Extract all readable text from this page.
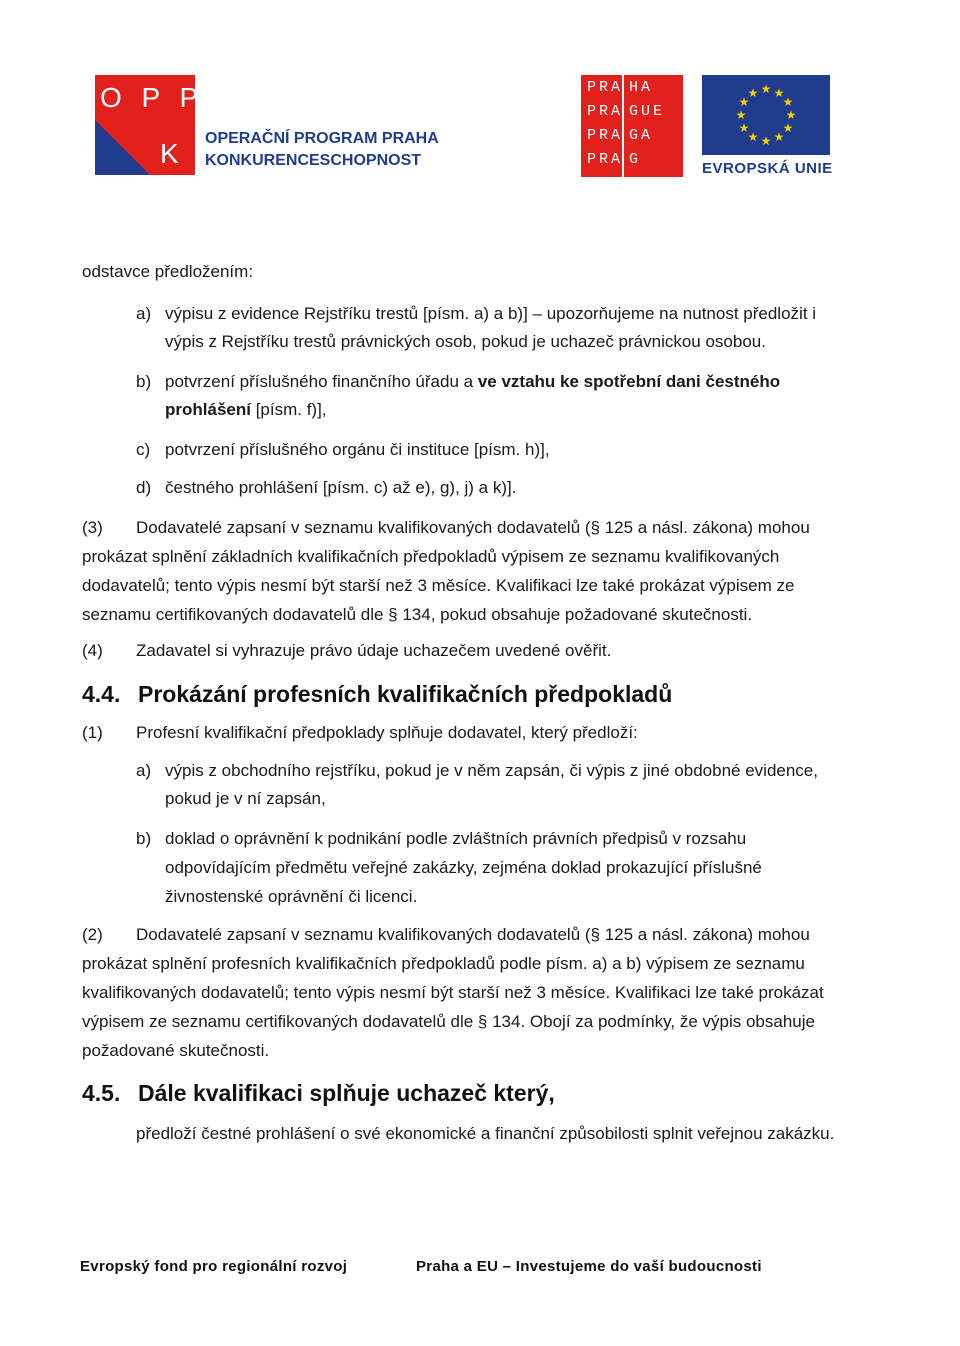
O P P
K OPERAČNÍ PROGRAM PRAHA
KONKURENCESCHOPNOST
PRA HA
PRA GUE
PRA GA
PRA G
★ ★
★
★
★
★
★
★
★
★
★
★
EVROPSKÁ UNIE
odstavce předložením:
a) výpisu z evidence Rejstříku trestů [písm. a) a b)] – upozorňujeme na nutnost předložit i
výpis z Rejstříku trestů právnických osob, pokud je uchazeč právnickou osobou.
b) potvrzení příslušného finančního úřadu a ve vztahu ke spotřební dani čestného
prohlášení [písm. f)],
c) potvrzení příslušného orgánu či instituce [písm. h)],
d) čestného prohlášení [písm. c) až e), g), j) a k)].
(3) Dodavatelé zapsaní v seznamu kvalifikovaných dodavatelů (§ 125 a násl. zákona) mohou
prokázat splnění základních kvalifikačních předpokladů výpisem ze seznamu kvalifikovaných
dodavatelů; tento výpis nesmí být starší než 3 měsíce. Kvalifikaci lze také prokázat výpisem ze
seznamu certifikovaných dodavatelů dle § 134, pokud obsahuje požadované skutečnosti.
(4) Zadavatel si vyhrazuje právo údaje uchazečem uvedené ověřit.
4.4. Prokázání profesních kvalifikačních předpokladů
(1) Profesní kvalifikační předpoklady splňuje dodavatel, který předloží:
a) výpis z obchodního rejstříku, pokud je v něm zapsán, či výpis z jiné obdobné evidence,
pokud je v ní zapsán,
b) doklad o oprávnění k podnikání podle zvláštních právních předpisů v rozsahu
odpovídajícím předmětu veřejné zakázky, zejména doklad prokazující příslušné
živnostenské oprávnění či licenci.
(2) Dodavatelé zapsaní v seznamu kvalifikovaných dodavatelů (§ 125 a násl. zákona) mohou
prokázat splnění profesních kvalifikačních předpokladů podle písm. a) a b) výpisem ze seznamu
kvalifikovaných dodavatelů; tento výpis nesmí být starší než 3 měsíce. Kvalifikaci lze také prokázat
výpisem ze seznamu certifikovaných dodavatelů dle § 134. Obojí za podmínky, že výpis obsahuje
požadované skutečnosti.
4.5. Dále kvalifikaci splňuje uchazeč který,
předloží čestné prohlášení o své ekonomické a finanční způsobilosti splnit veřejnou zakázku.
Evropský fond pro regionální rozvoj	Praha a EU – Investujeme do vaší budoucnosti
